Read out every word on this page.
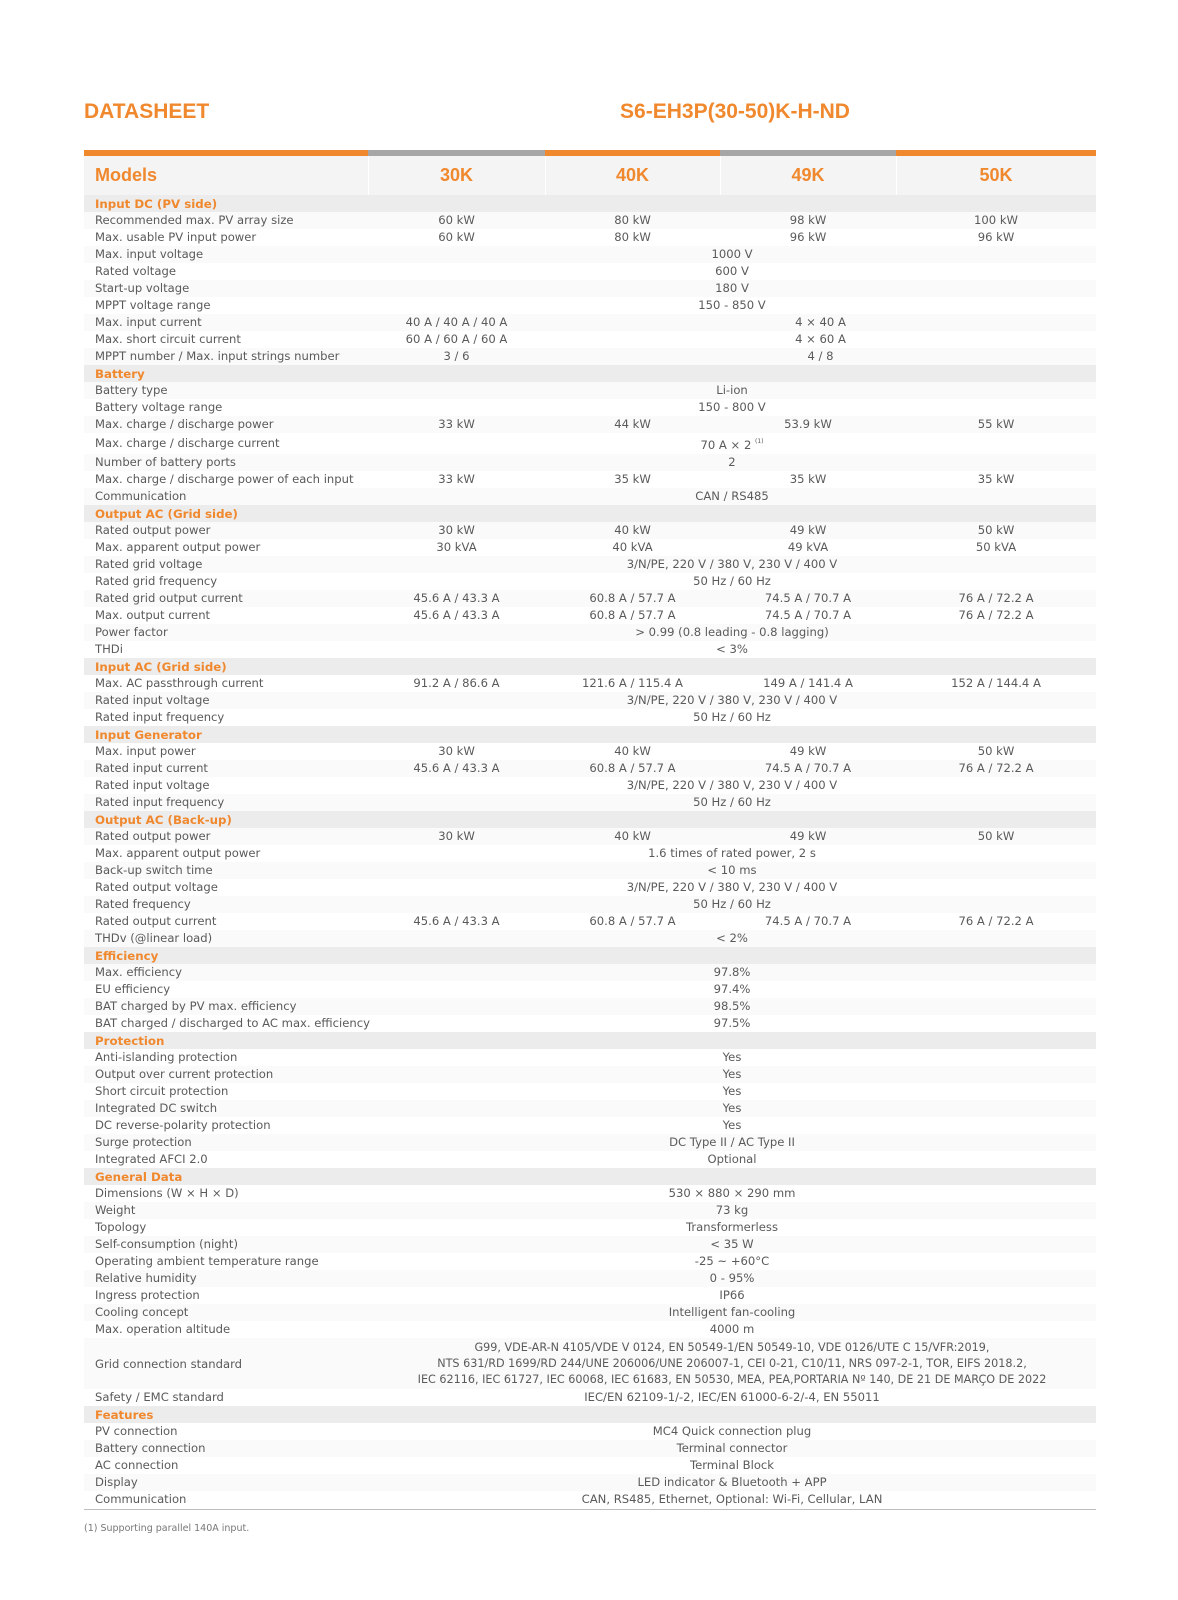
DATASHEET	S6-EH3P(30-50)K-H-ND
Models	30K	40K	49K	50K
Input DC (PV side)				
Recommended max. PV array size	60 kW	80 kW	98 kW	100 kW
Max. usable PV input power	60 kW	80 kW	96 kW	96 kW
Max. input voltage	1000 V			
Rated voltage	600 V			
Start-up voltage	180 V			
MPPT voltage range	150 - 850 V			
Max. input current	40 A / 40 A / 40 A	4 × 40 A		
Max. short circuit current	60 A / 60 A / 60 A	4 × 60 A		
MPPT number / Max. input strings number	3 / 6	4 / 8		
Battery				
Battery type	Li-ion			
Battery voltage range	150 - 800 V			
Max. charge / discharge power	33 kW	44 kW	53.9 kW	55 kW
Max. charge / discharge current	70 A × 2 $^{(1)}$
Number of battery ports	2			
Max. charge / discharge power of each input	33 kW	35 kW	35 kW	35 kW
Communication	CAN / RS485			
Output AC (Grid side)				
Rated output power	30 kW	40 kW	49 kW	50 kW
Max. apparent output power	30 kVA	40 kVA	49 kVA	50 kVA
Rated grid voltage	3/N/PE, 220 V / 380 V, 230 V / 400 V			
Rated grid frequency	50 Hz / 60 Hz			
Rated grid output current	45.6 A / 43.3 A	60.8 A / 57.7 A	74.5 A / 70.7 A	76 A / 72.2 A
Max. output current	45.6 A / 43.3 A	60.8 A / 57.7 A	74.5 A / 70.7 A	76 A / 72.2 A
Power factor	> 0.99 (0.8 leading - 0.8 lagging)			
THDi	< 3%			
Input AC (Grid side)				
Max. AC passthrough current	91.2 A / 86.6 A	121.6 A / 115.4 A	149 A / 141.4 A	152 A / 144.4 A
Rated input voltage	3/N/PE, 220 V / 380 V, 230 V / 400 V			
Rated input frequency	50 Hz / 60 Hz			
Input Generator				
Max. input power	30 kW	40 kW	49 kW	50 kW
Rated input current	45.6 A / 43.3 A	60.8 A / 57.7 A	74.5 A / 70.7 A	76 A / 72.2 A
Rated input voltage	3/N/PE, 220 V / 380 V, 230 V / 400 V			
Rated input frequency	50 Hz / 60 Hz			
Output AC (Back-up)				
Rated output power	30 kW	40 kW	49 kW	50 kW
Max. apparent output power	1.6 times of rated power, 2 s			
Back-up switch time	< 10 ms			
Rated output voltage	3/N/PE, 220 V / 380 V, 230 V / 400 V			
Rated frequency	50 Hz / 60 Hz			
Rated output current	45.6 A / 43.3 A	60.8 A / 57.7 A	74.5 A / 70.7 A	76 A / 72.2 A
THDv (@linear load)	< 2%			
Efficiency				
Max. efficiency	97.8%			
EU efficiency	97.4%			
BAT charged by PV max. efficiency	98.5%			
BAT charged / discharged to AC max. efficiency	97.5%			
Protection				
Anti-islanding protection	Yes			
Output over current protection	Yes			
Short circuit protection	Yes			
Integrated DC switch	Yes			
DC reverse-polarity protection	Yes			
Surge protection	DC Type II / AC Type II			
Integrated AFCI 2.0	Optional			
General Data				
Dimensions (W × H × D)	530 × 880 × 290 mm			
Weight	73 kg			
Topology	Transformerless			
Self-consumption (night)	< 35 W			
Operating ambient temperature range	-25 ~ +60°C			
Relative humidity	0 - 95%			
Ingress protection	IP66			
Cooling concept	Intelligent fan-cooling			
Max. operation altitude	4000 m			
Grid connection standard	G99, VDE-AR-N 4105/VDE V 0124, EN 50549-1/EN 50549-10, VDE 0126/UTE C 15/VFR:2019,
NTS 631/RD 1699/RD 244/UNE 206006/UNE 206007-1, CEI 0-21, C10/11, NRS 097-2-1, TOR, EIFS 2018.2,
IEC 62116, IEC 61727, IEC 60068, IEC 61683, EN 50530, MEA, PEA,PORTARIA Nº 140, DE 21 DE MARÇO DE 2022			
Safety / EMC standard	IEC/EN 62109-1/-2, IEC/EN 61000-6-2/-4, EN 55011			
Features				
PV connection	MC4 Quick connection plug			
Battery connection	Terminal connector			
AC connection	Terminal Block			
Display	LED indicator & Bluetooth + APP			
Communication	CAN, RS485, Ethernet, Optional: Wi-Fi, Cellular, LAN			
(1) Supporting parallel 140A input.
